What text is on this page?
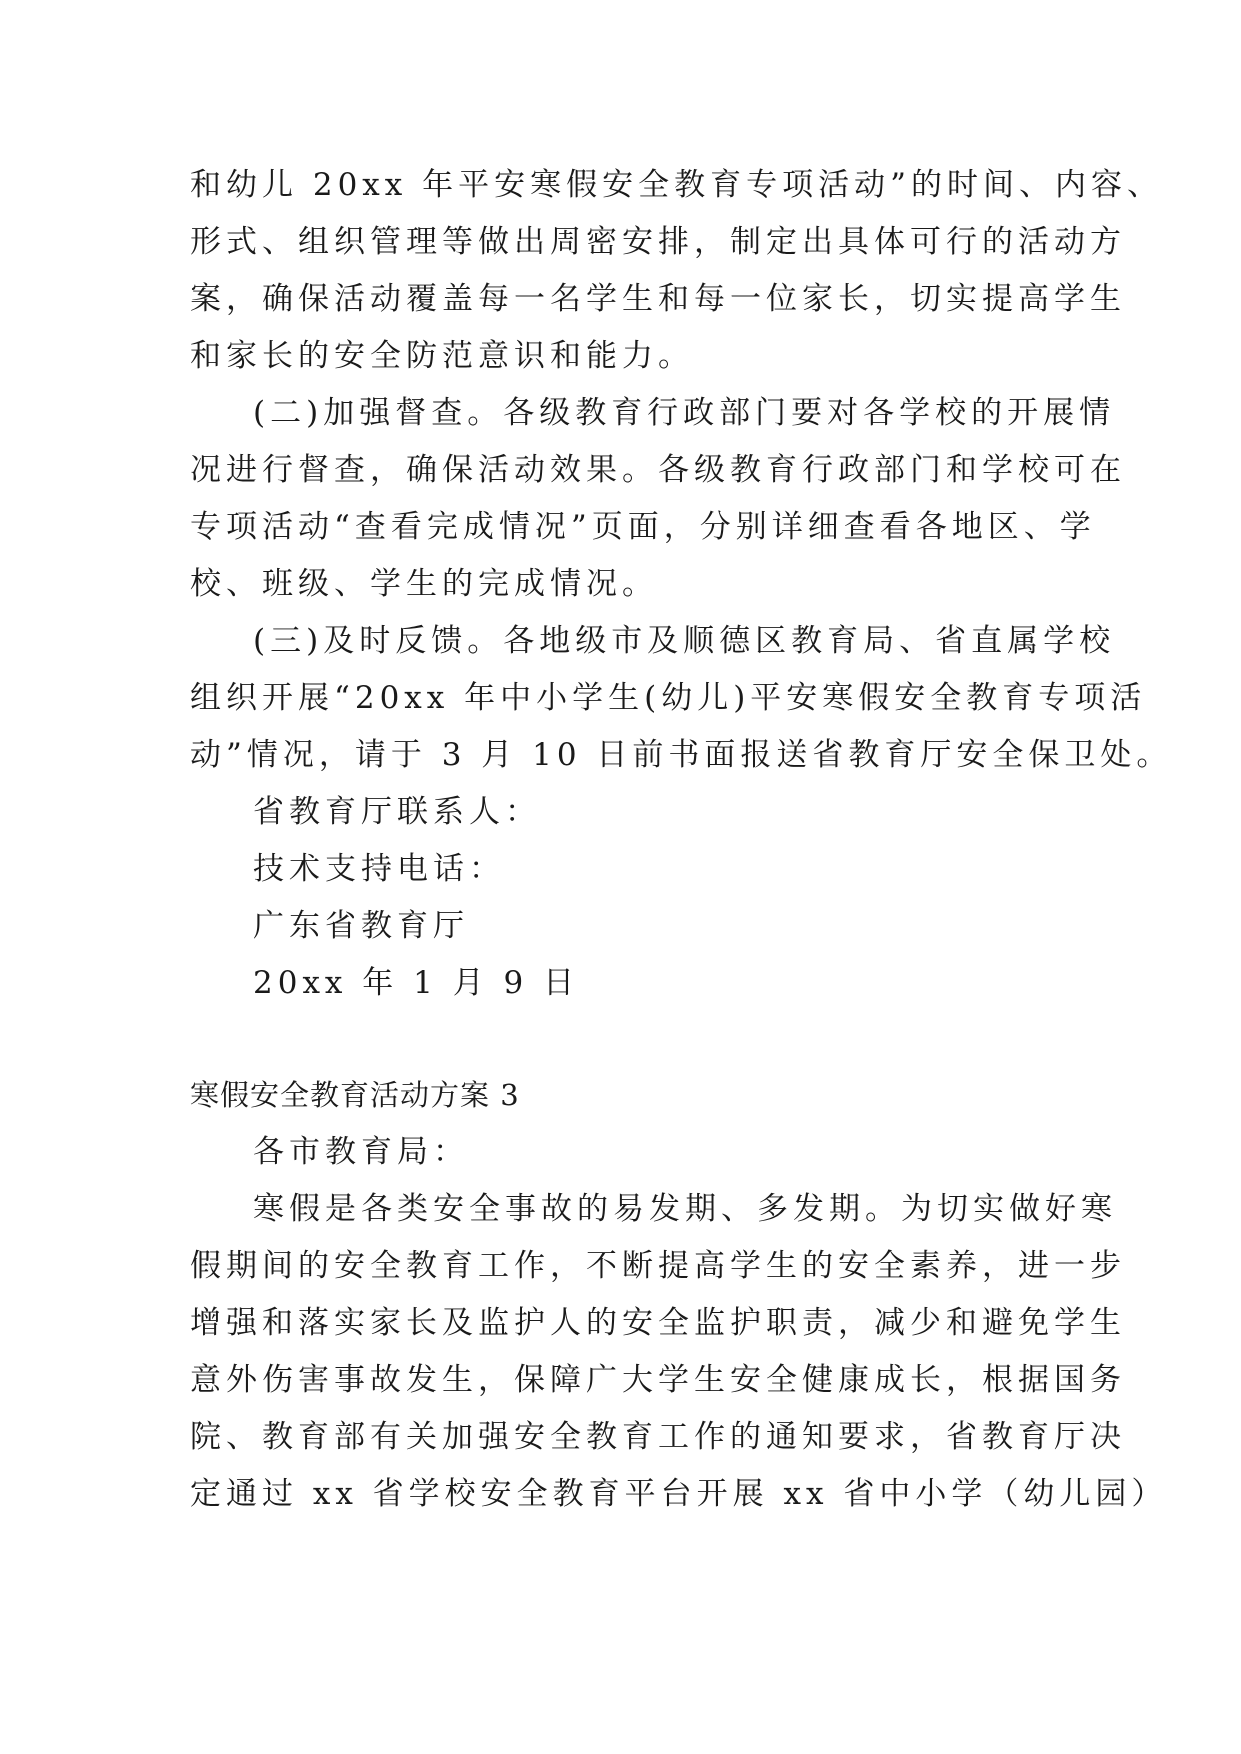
和幼儿 20xx 年平安寒假安全教育专项活动”的时间、内容、
形式、组织管理等做出周密安排，制定出具体可行的活动方
案，确保活动覆盖每一名学生和每一位家长，切实提高学生
和家长的安全防范意识和能力。
(二)加强督查。各级教育行政部门要对各学校的开展情
况进行督查，确保活动效果。各级教育行政部门和学校可在
专项活动“查看完成情况”页面，分别详细查看各地区、学
校、班级、学生的完成情况。
(三)及时反馈。各地级市及顺德区教育局、省直属学校
组织开展“20xx 年中小学生(幼儿)平安寒假安全教育专项活
动”情况，请于 3 月 10 日前书面报送省教育厅安全保卫处。
省教育厅联系人：
技术支持电话：
广东省教育厅
20xx 年 1 月 9 日
寒假安全教育活动方案 3
各市教育局：
寒假是各类安全事故的易发期、多发期。为切实做好寒
假期间的安全教育工作，不断提高学生的安全素养，进一步
增强和落实家长及监护人的安全监护职责，减少和避免学生
意外伤害事故发生，保障广大学生安全健康成长，根据国务
院、教育部有关加强安全教育工作的通知要求，省教育厅决
定通过 xx 省学校安全教育平台开展 xx 省中小学（幼儿园）
